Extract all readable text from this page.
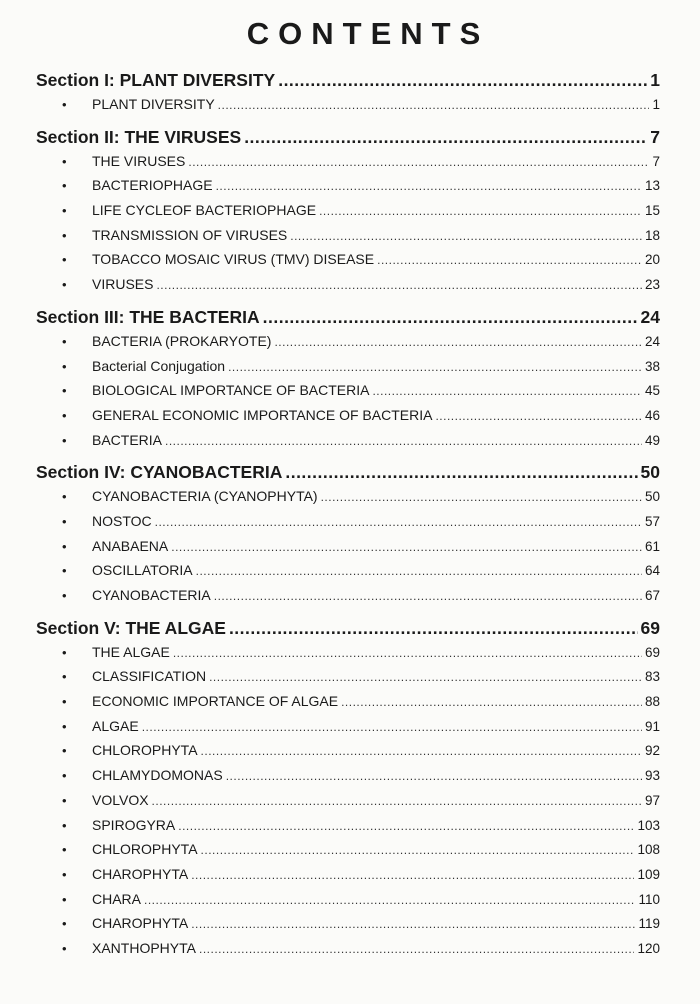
CONTENTS
Section I: PLANT DIVERSITY .....	1
•	PLANT DIVERSITY .....	1
Section II: THE VIRUSES .....	7
•	THE VIRUSES .....	7
•	BACTERIOPHAGE .....	13
•	LIFE CYCLEOF BACTERIOPHAGE .....	15
•	TRANSMISSION OF VIRUSES .....	18
•	TOBACCO MOSAIC VIRUS (TMV) DISEASE .....	20
•	VIRUSES .....	23
Section III: THE BACTERIA .....	24
•	BACTERIA (PROKARYOTE) .....	24
•	Bacterial Conjugation .....	38
•	BIOLOGICAL IMPORTANCE OF BACTERIA .....	45
•	GENERAL ECONOMIC IMPORTANCE OF BACTERIA .....	46
•	BACTERIA .....	49
Section IV: CYANOBACTERIA .....	50
•	CYANOBACTERIA (CYANOPHYTA) .....	50
•	NOSTOC .....	57
•	ANABAENA .....	61
•	OSCILLATORIA .....	64
•	CYANOBACTERIA .....	67
Section V: THE ALGAE .....	69
•	THE ALGAE .....	69
•	CLASSIFICATION .....	83
•	ECONOMIC IMPORTANCE OF ALGAE .....	88
•	ALGAE .....	91
•	CHLOROPHYTA .....	92
•	CHLAMYDOMONAS .....	93
•	VOLVOX .....	97
•	SPIROGYRA .....	103
•	CHLOROPHYTA .....	108
•	CHAROPHYTA .....	109
•	CHARA .....	110
•	CHAROPHYTA .....	119
•	XANTHOPHYTA .....	120
